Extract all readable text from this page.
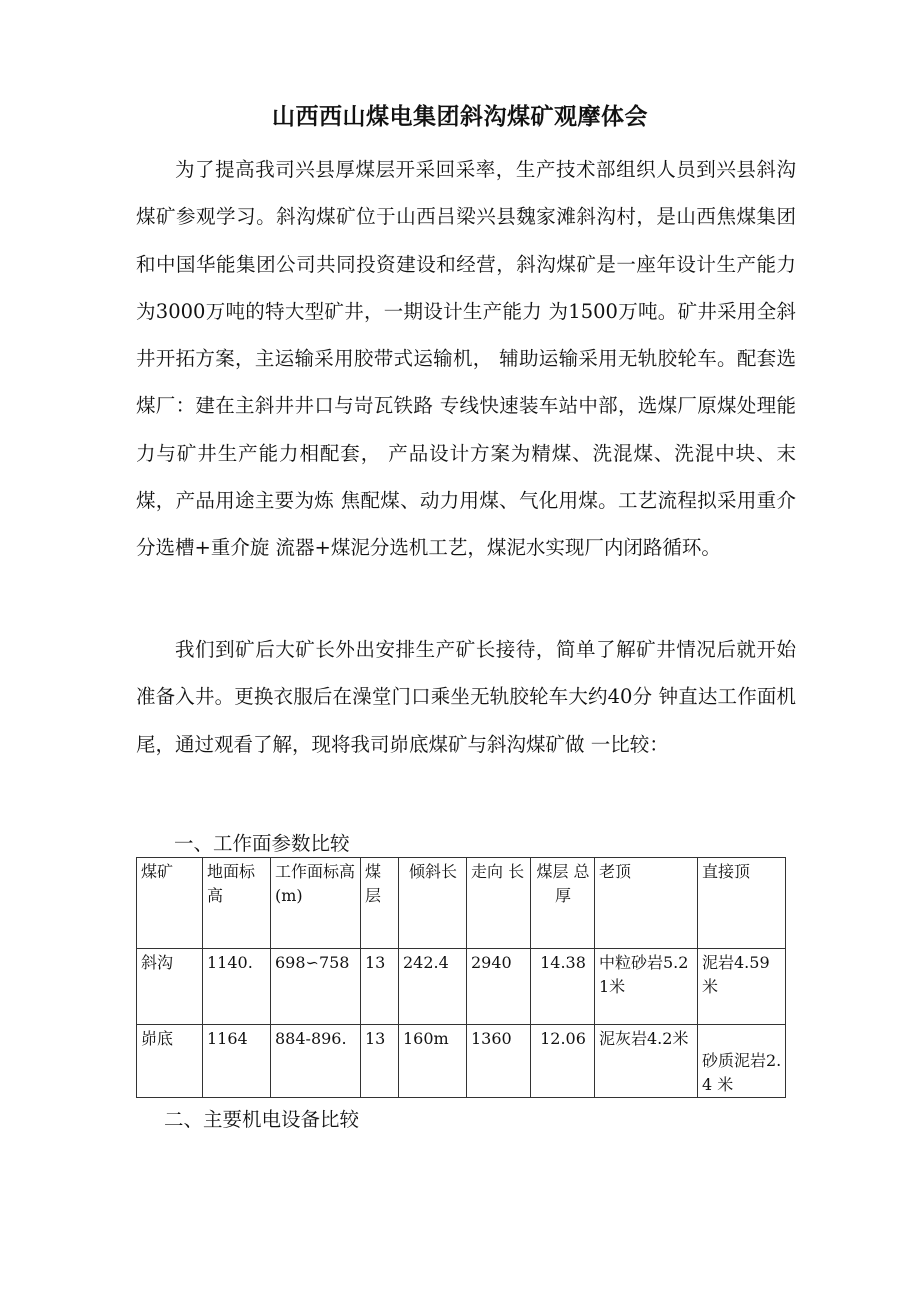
山西西山煤电集团斜沟煤矿观摩体会

为了提高我司兴县厚煤层开采回采率，生产技术部组织人员到兴县斜沟煤矿参观学习。斜沟煤矿位于山西吕梁兴县魏家滩斜沟村，是山西焦煤集团和中国华能集团公司共同投资建设和经营，斜沟煤矿是一座年设计生产能力为3000万吨的特大型矿井，一期设计生产能力 为1500万吨。矿井采用全斜井开拓方案，主运输采用胶带式运输机， 辅助运输采用无轨胶轮车。配套选煤厂：建在主斜井井口与岢瓦铁路 专线快速装车站中部，选煤厂原煤处理能力与矿井生产能力相配套， 产品设计方案为精煤、洗混煤、洗混中块、末煤，产品用途主要为炼 焦配煤、动力用煤、气化用煤。工艺流程拟采用重介分选槽+重介旋 流器+煤泥分选机工艺，煤泥水实现厂内闭路循环。

我们到矿后大矿长外出安排生产矿长接待，简单了解矿井情况后就开始准备入井。更换衣服后在澡堂门口乘坐无轨胶轮车大约40分 钟直达工作面机尾，通过观看了解，现将我司峁底煤矿与斜沟煤矿做 一比较：

一、工作面参数比较

煤矿	地面标高	工作面标高(m)	煤层	倾斜长	走向 长	煤层 总厚	老顶	直接顶
斜沟	1140.	698∽758	13	242.4	2940	14.38	中粒砂岩5.21米	泥岩4.59米
峁底	1164	884-896.	13	160m	1360	12.06	泥灰岩4.2米	砂质泥岩2.4 米

二、主要机电设备比较
